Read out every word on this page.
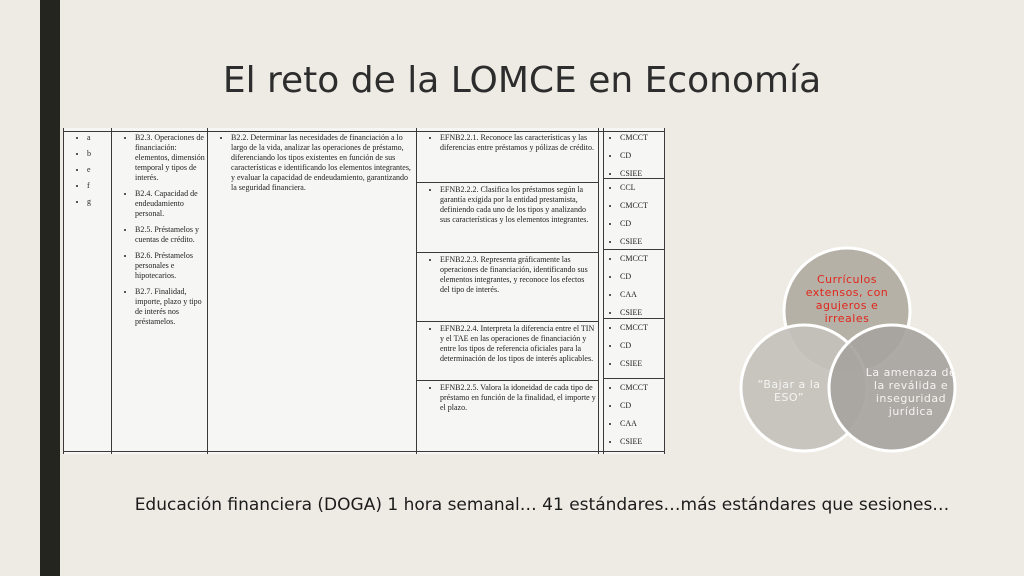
El reto de la LOMCE en Economía
• a
• b
• e
• f
• g
• B2.3. Operaciones de financiación: elementos, dimensión temporal y tipos de interés.
• B2.4. Capacidad de endeudamiento personal.
• B2.5. Préstamelos y cuentas de crédito.
• B2.6. Préstamelos personales e hipotecarios.
• B2.7. Finalidad, importe, plazo y tipo de interés nos préstamelos.
• B2.2. Determinar las necesidades de financiación a lo largo de la vida, analizar las operaciones de préstamo, diferenciando los tipos existentes en función de sus características e identificando los elementos integrantes, y evaluar la capacidad de endeudamiento, garantizando la seguridad financiera.
• EFNB2.2.1. Reconoce las características y las diferencias entre préstamos y pólizas de crédito.
• EFNB2.2.2. Clasifica los préstamos según la garantía exigida por la entidad prestamista, definiendo cada uno de los tipos y analizando sus características y los elementos integrantes.
• EFNB2.2.3. Representa gráficamente las operaciones de financiación, identificando sus elementos integrantes, y reconoce los efectos del tipo de interés.
• EFNB2.2.4. Interpreta la diferencia entre el TIN y el TAE en las operaciones de financiación y entre los tipos de referencia oficiales para la determinación de los tipos de interés aplicables.
• EFNB2.2.5. Valora la idoneidad de cada tipo de préstamo en función de la finalidad, el importe y el plazo.
• CMCCT
• CD
• CSIEE
• CCL
• CMCCT
• CD
• CSIEE
• CMCCT
• CD
• CAA
• CSIEE
• CMCCT
• CD
• CSIEE
• CMCCT
• CD
• CAA
• CSIEE
Currículos extensos, con agujeros e irreales
“Bajar a la ESO”
La amenaza de la reválida e inseguridad jurídica
Educación financiera (DOGA) 1 hora semanal… 41 estándares…más estándares que sesiones…
